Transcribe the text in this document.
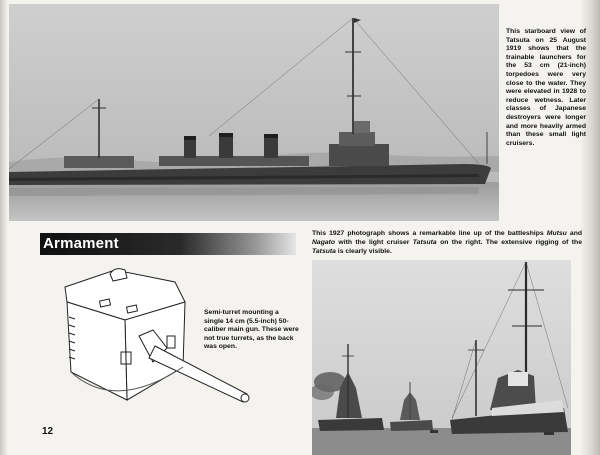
This starboard view of Tatsuta on 25 August 1919 shows that the trainable launchers for the 53 cm (21-inch) torpedoes were very close to the water. They were elevated in 1928 to reduce wetness. Later classes of Japanese destroyers were longer and more heavily armed than these small light cruisers.
Armament
Semi-turret mounting a single 14 cm (5.5-inch) 50-caliber main gun. These were not true turrets, as the back was open.
12
This 1927 photograph shows a remarkable line up of the battleships Mutsu and Nagato with the light cruiser Tatsuta on the right. The extensive rigging of the Tatsuta is clearly visible.
